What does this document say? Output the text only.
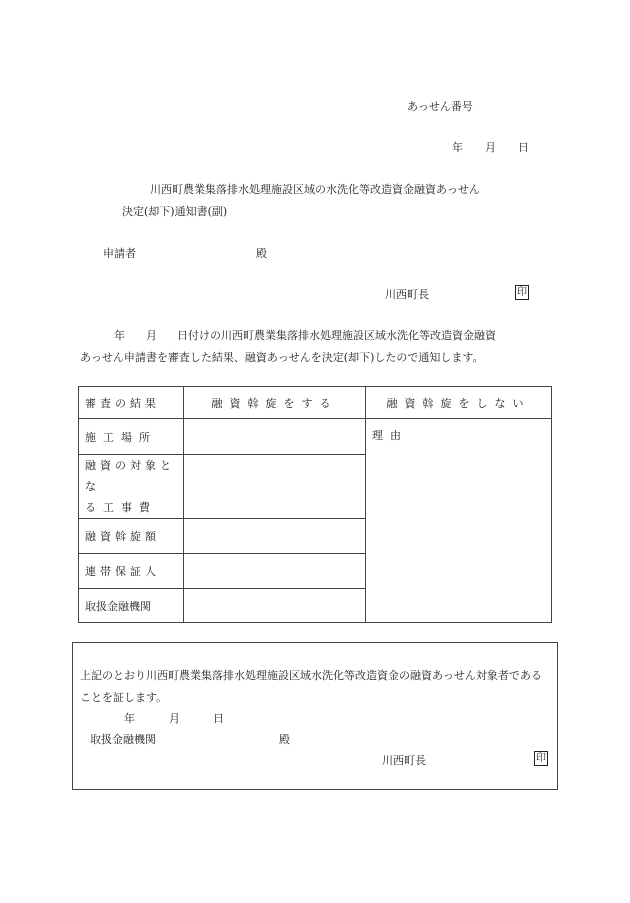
あっせん番号
年 月 日
川西町農業集落排水処理施設区域の水洗化等改造資金融資あっせん
決定(却下)通知書(副)
申請者	殿
川西町長	印
年 月 日付けの川西町農業集落排水処理施設区域水洗化等改造資金融資
あっせん申請書を審査した結果、融資あっせんを決定(却下)したので通知します。
審査の結果	融資斡旋をする	融資斡旋をしない
施工場所		理由

融資の対象とな
る工事費		

融資斡旋額		
連帯保証人		
取扱金融機関		
上記のとおり川西町農業集落排水処理施設区域水洗化等改造資金の融資あっせん対象者である
ことを証します。
年	月	日
取扱金融機関	殿
川西町長	印
